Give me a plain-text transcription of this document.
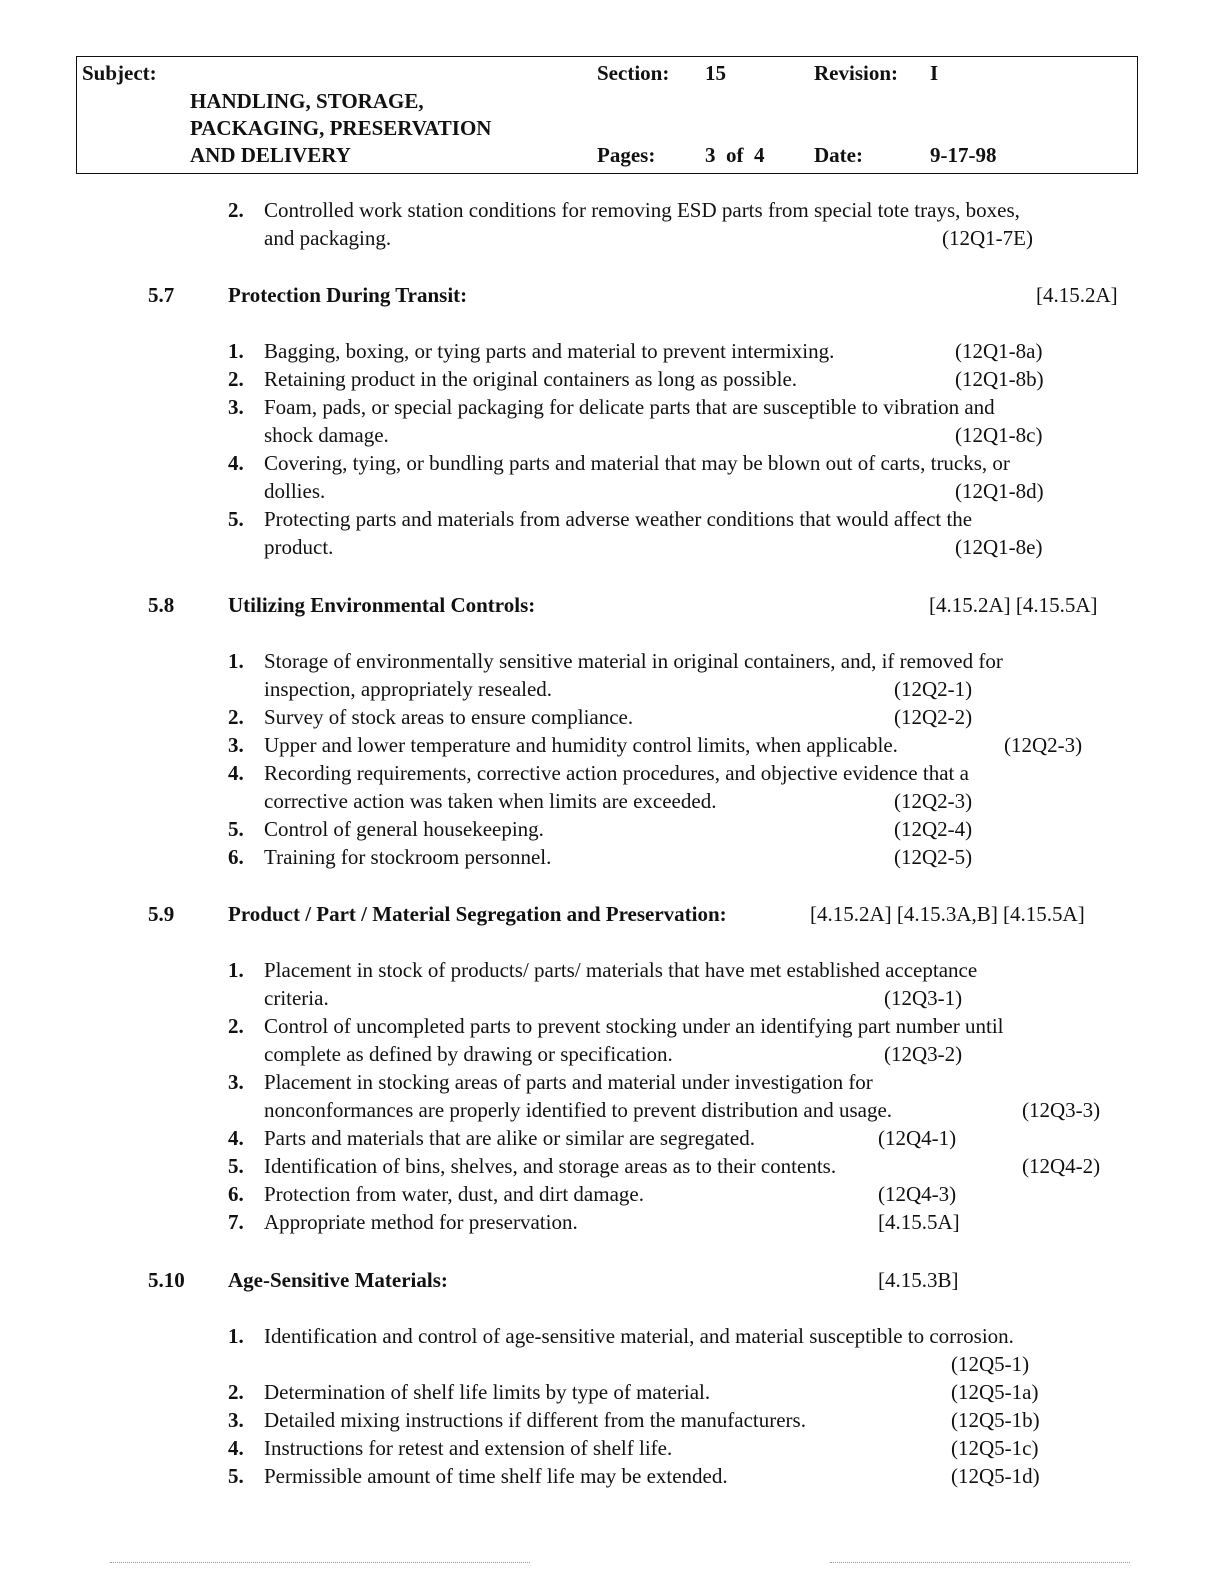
Subject:
HANDLING, STORAGE,
PACKAGING, PRESERVATION
AND DELIVERY
Section: 15	Revision: I
Pages: 3  of  4 Date:	9-17-98
2. Controlled work station conditions for removing ESD parts from special tote trays, boxes,
and packaging.	(12Q1-7E)
5.7	Protection During Transit:	[4.15.2A]
1. Bagging, boxing, or tying parts and material to prevent intermixing.	(12Q1-8a)
2. Retaining product in the original containers as long as possible.	(12Q1-8b)
3. Foam, pads, or special packaging for delicate parts that are susceptible to vibration and
shock damage.	(12Q1-8c)
4. Covering, tying, or bundling parts and material that may be blown out of carts, trucks, or
dollies.	(12Q1-8d)
5. Protecting parts and materials from adverse weather conditions that would affect the
product.	(12Q1-8e)
5.8	Utilizing Environmental Controls:	[4.15.2A] [4.15.5A]
1. Storage of environmentally sensitive material in original containers, and, if removed for
inspection, appropriately resealed.	(12Q2-1)
2. Survey of stock areas to ensure compliance.	(12Q2-2)
3. Upper and lower temperature and humidity control limits, when applicable.	(12Q2-3)
4. Recording requirements, corrective action procedures, and objective evidence that a
corrective action was taken when limits are exceeded.	(12Q2-3)
5. Control of general housekeeping.	(12Q2-4)
6. Training for stockroom personnel.	(12Q2-5)
5.9	Product / Part / Material Segregation and Preservation:	[4.15.2A] [4.15.3A,B] [4.15.5A]
1. Placement in stock of products/ parts/ materials that have met established acceptance
criteria.	(12Q3-1)
2. Control of uncompleted parts to prevent stocking under an identifying part number until
complete as defined by drawing or specification.	(12Q3-2)
3. Placement in stocking areas of parts and material under investigation for
nonconformances are properly identified to prevent distribution and usage.	(12Q3-3)
4. Parts and materials that are alike or similar are segregated.	(12Q4-1)
5. Identification of bins, shelves, and storage areas as to their contents.	(12Q4-2)
6. Protection from water, dust, and dirt damage.	(12Q4-3)
7. Appropriate method for preservation.	[4.15.5A]
5.10 Age-Sensitive Materials:	[4.15.3B]
1. Identification and control of age-sensitive material, and material susceptible to corrosion.
(12Q5-1)
2. Determination of shelf life limits by type of material.	(12Q5-1a)
3. Detailed mixing instructions if different from the manufacturers.	(12Q5-1b)
4. Instructions for retest and extension of shelf life.	(12Q5-1c)
5. Permissible amount of time shelf life may be extended.	(12Q5-1d)
